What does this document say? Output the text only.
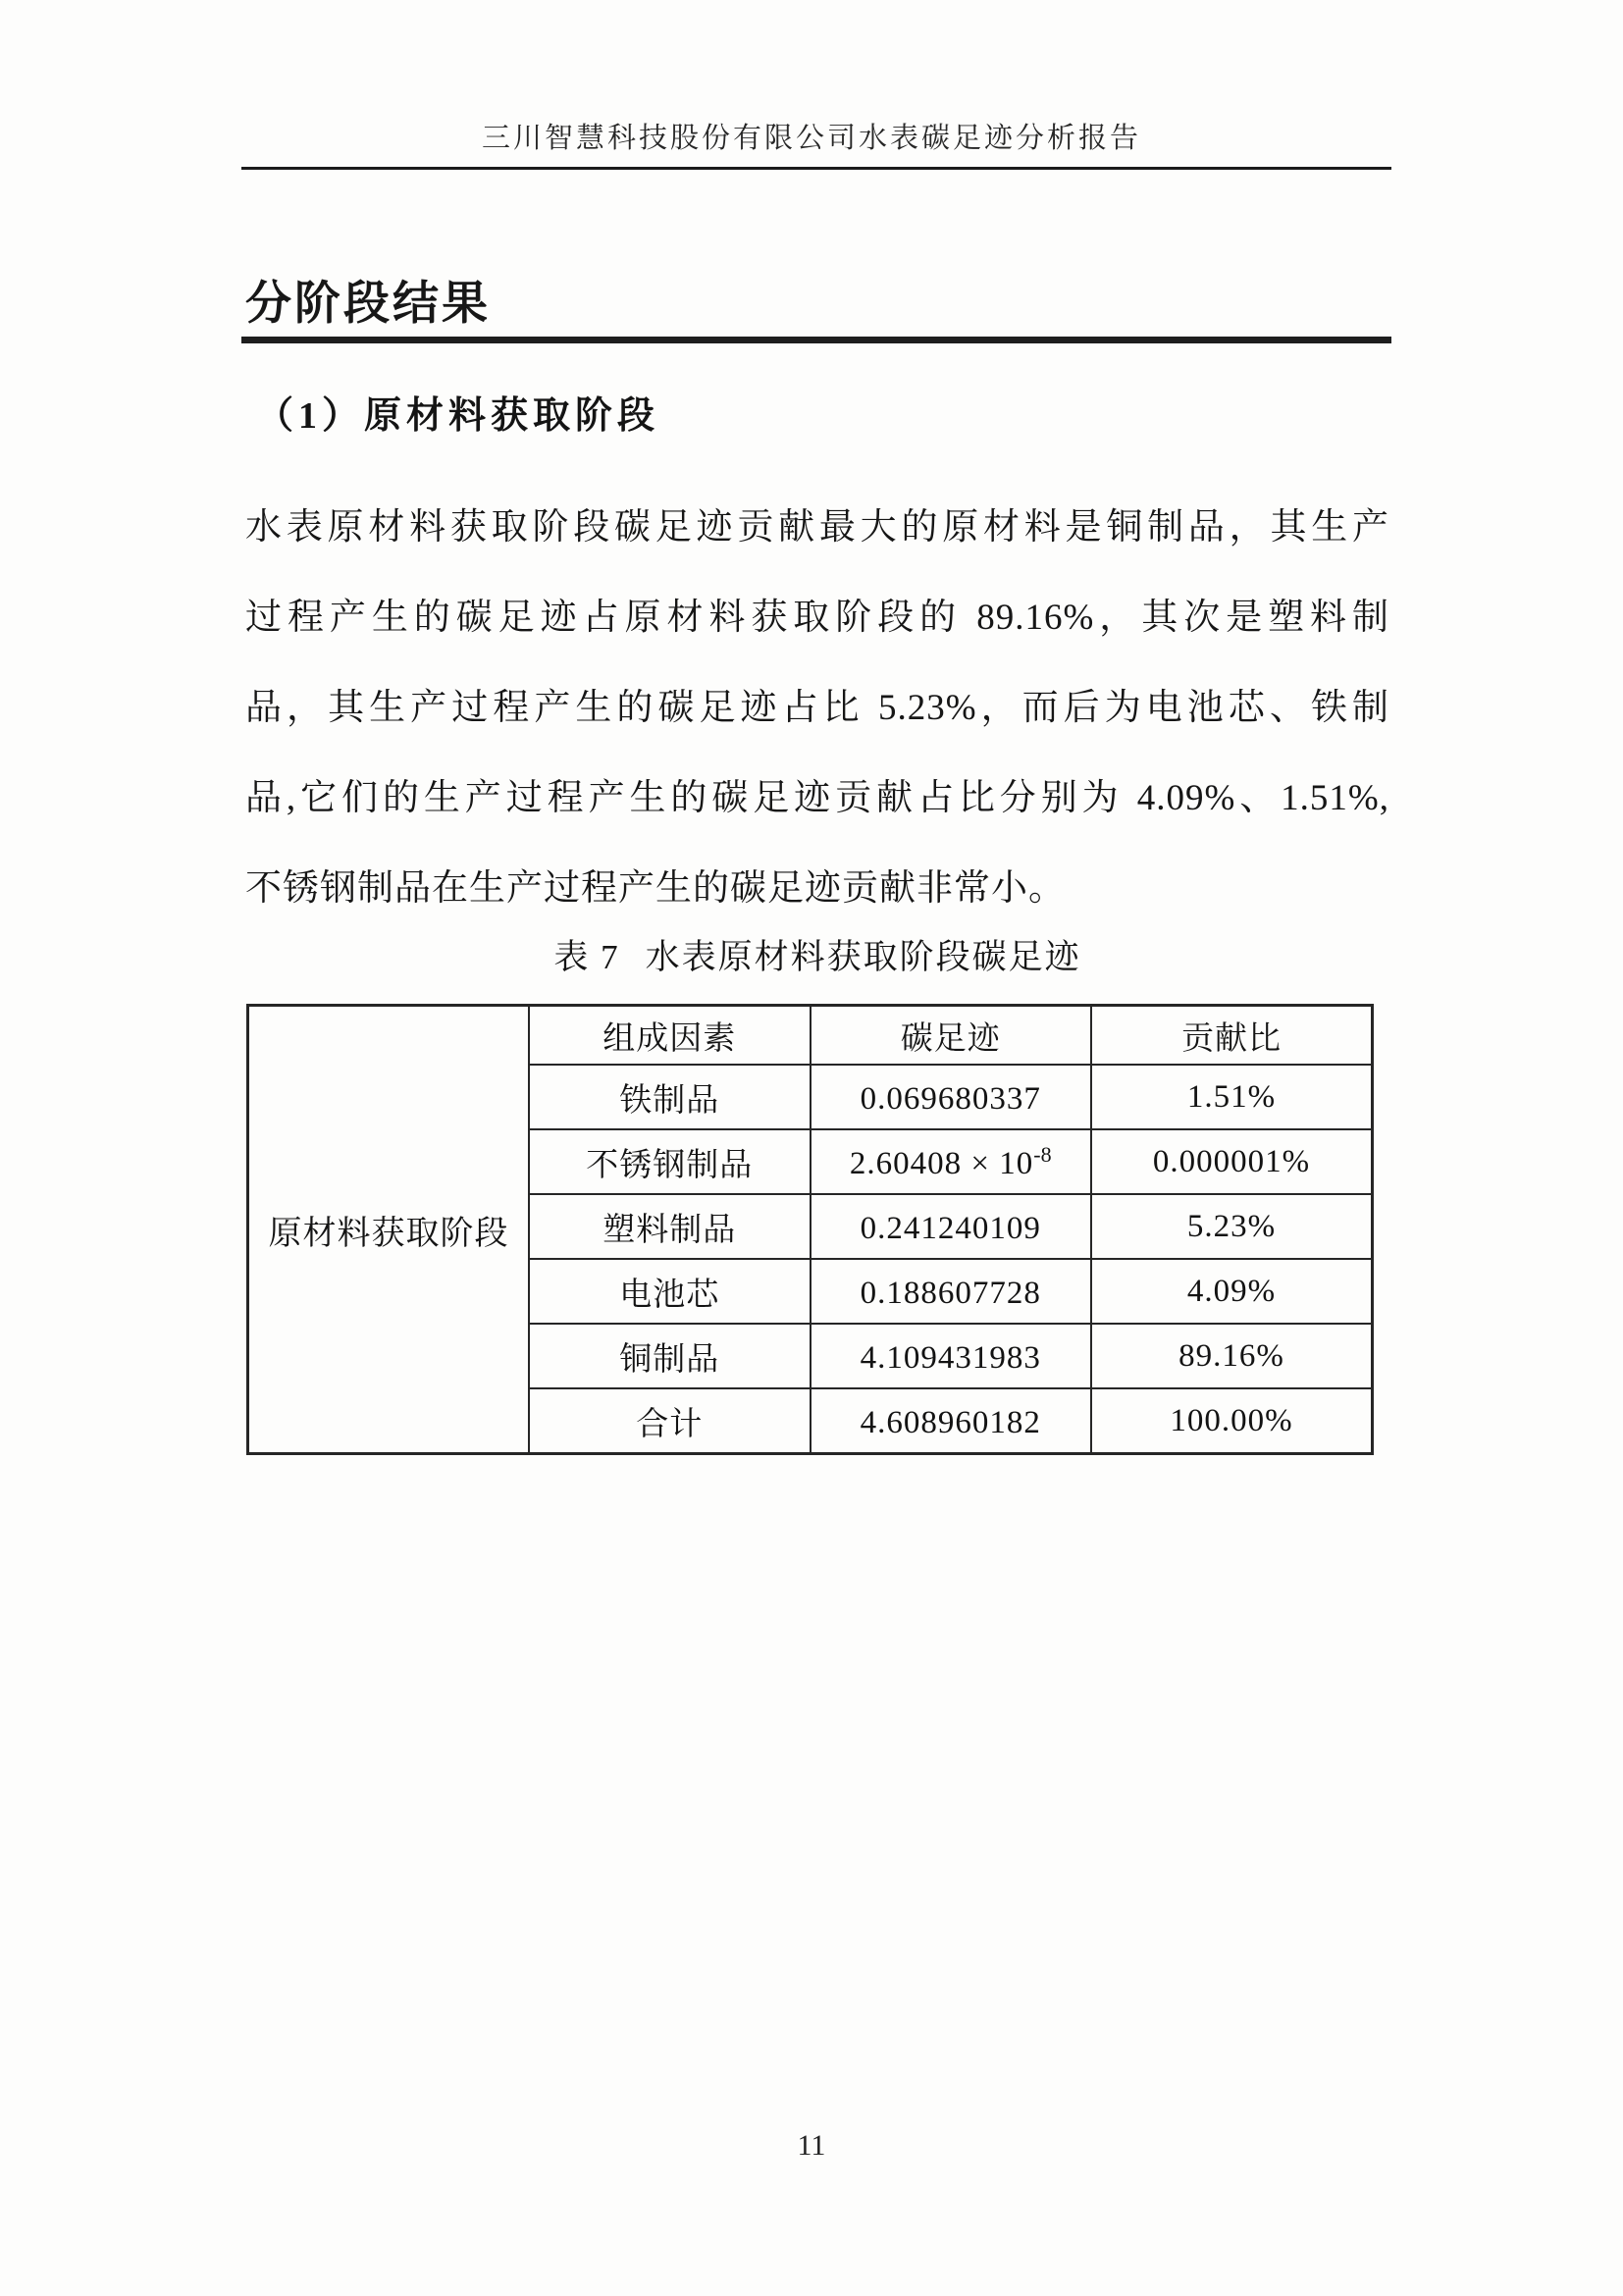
三川智慧科技股份有限公司水表碳足迹分析报告
分阶段结果
（1）原材料获取阶段
水表原材料获取阶段碳足迹贡献最大的原材料是铜制品，其生产
过程产生的碳足迹占原材料获取阶段的 89.16%，其次是塑料制
品，其生产过程产生的碳足迹占比 5.23%，而后为电池芯、铁制
品,它们的生产过程产生的碳足迹贡献占比分别为 4.09%、1.51%,
不锈钢制品在生产过程产生的碳足迹贡献非常小。
表 7 水表原材料获取阶段碳足迹
原材料获取阶段	组成因素	碳足迹	贡献比
	铁制品	0.069680337	1.51%
	不锈钢制品	$2.60408 \times 10^{-8}$	0.000001%
	塑料制品	0.241240109	5.23%
	电池芯	0.188607728	4.09%
	铜制品	4.109431983	89.16%
	合计	4.608960182	100.00%
11
